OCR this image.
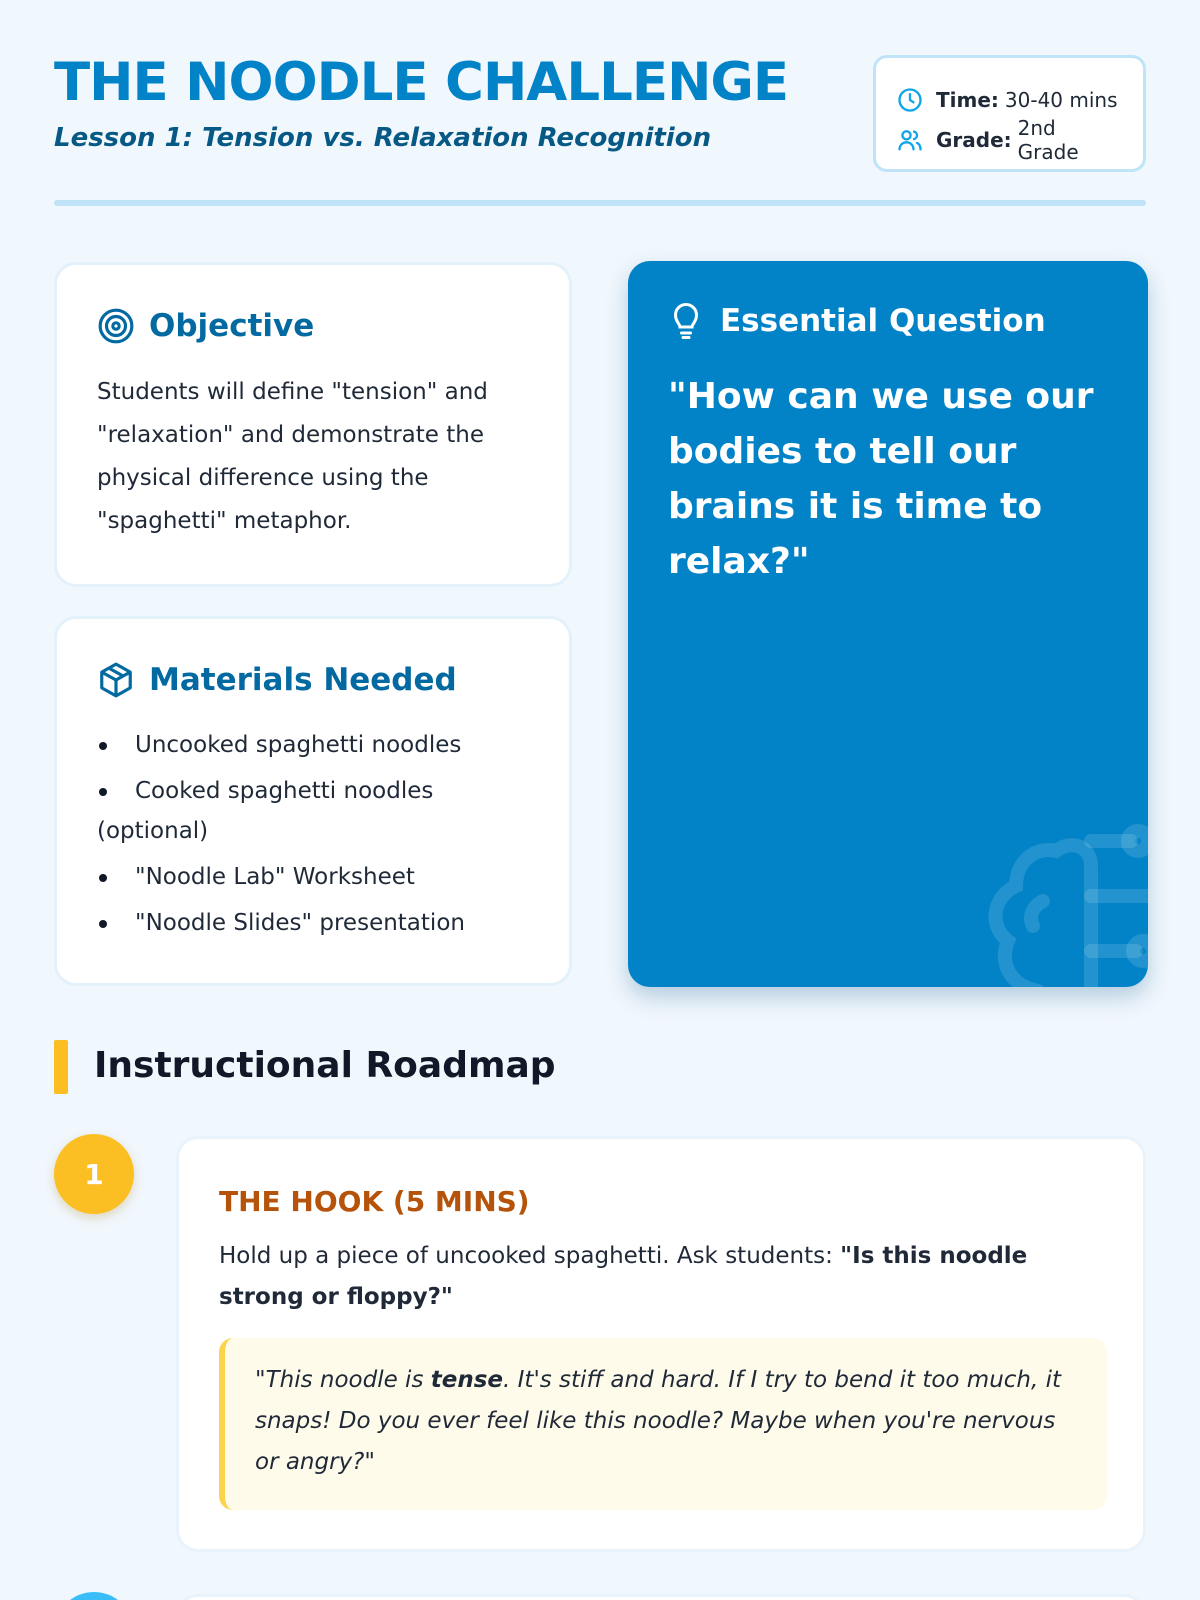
THE NOODLE CHALLENGE
Lesson 1: Tension vs. Relaxation Recognition
Time: 30-40 mins
Grade: 2nd Grade
Objective
Students will define "tension" and "relaxation" and demonstrate the physical difference using the "spaghetti" metaphor.
Materials Needed
Uncooked spaghetti noodles
Cooked spaghetti noodles (optional)
"Noodle Lab" Worksheet
"Noodle Slides" presentation
Essential Question
"How can we use our bodies to tell our brains it is time to relax?"
Instructional Roadmap
1
THE HOOK (5 MINS)
Hold up a piece of uncooked spaghetti. Ask students: "Is this noodle strong or floppy?"
"This noodle is tense. It's stiff and hard. If I try to bend it too much, it snaps! Do you ever feel like this noodle? Maybe when you're nervous or angry?"
